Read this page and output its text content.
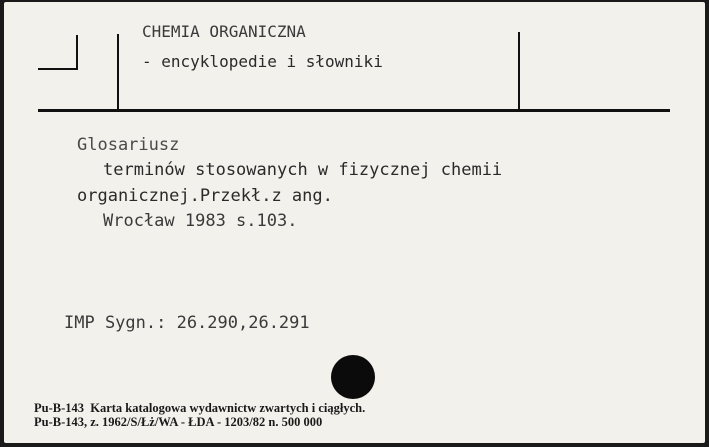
CHEMIA ORGANICZNA
- encyklopedie i słowniki
Glosariusz
terminów stosowanych w fizycznej chemii
organicznej.Przekł.z ang.
Wrocław 1983 s.103.
IMP Sygn.: 26.290,26.291
Pu-B-143  Karta katalogowa wydawnictw zwartych i ciągłych.
Pu-B-143, z. 1962/S/Łż/WA - ŁDA - 1203/82 n. 500 000
